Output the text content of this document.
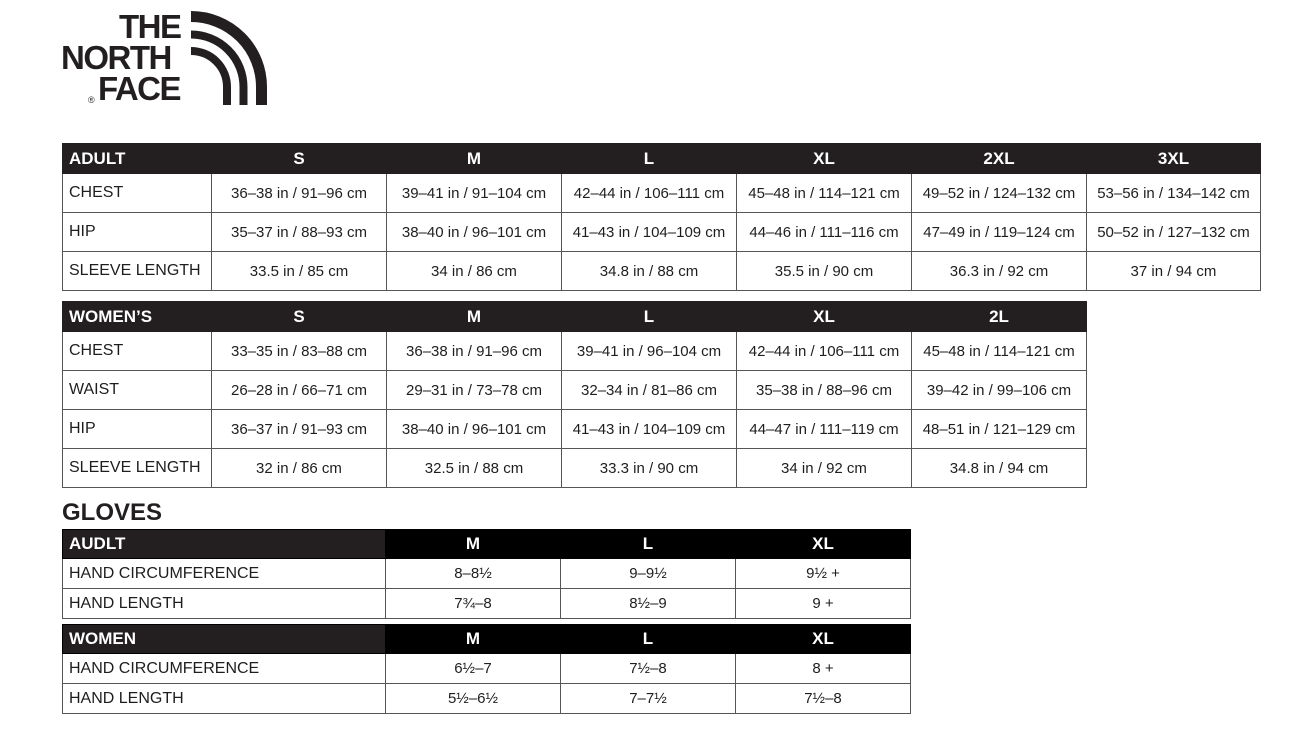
THE
NORTH
FACE
®
ADULT	S	M	L	XL	2XL	3XL
CHEST	36–38 in / 91–96 cm	39–41 in / 91–104 cm	42–44 in / 106–111 cm	45–48 in / 114–121 cm	49–52 in / 124–132 cm	53–56 in / 134–142 cm
HIP	35–37 in / 88–93 cm	38–40 in / 96–101 cm	41–43 in / 104–109 cm	44–46 in / 111–116 cm	47–49 in / 119–124 cm	50–52 in / 127–132 cm
SLEEVE LENGTH	33.5 in / 85 cm	34 in / 86 cm	34.8 in / 88 cm	35.5 in / 90 cm	36.3 in / 92 cm	37 in / 94 cm
WOMEN’S	S	M	L	XL	2L
CHEST	33–35 in / 83–88 cm	36–38 in / 91–96 cm	39–41 in / 96–104 cm	42–44 in / 106–111 cm	45–48 in / 114–121 cm
WAIST	26–28 in / 66–71 cm	29–31 in / 73–78 cm	32–34 in / 81–86 cm	35–38 in / 88–96 cm	39–42 in / 99–106 cm
HIP	36–37 in / 91–93 cm	38–40 in / 96–101 cm	41–43 in / 104–109 cm	44–47 in / 111–119 cm	48–51 in / 121–129 cm
SLEEVE LENGTH	32 in / 86 cm	32.5 in / 88 cm	33.3 in / 90 cm	34 in / 92 cm	34.8 in / 94 cm
GLOVES
AUDLT	M	L	XL
HAND CIRCUMFERENCE	8–8½	9–9½	9½ +
HAND LENGTH	7¾–8	8½–9	9 +
WOMEN	M	L	XL
HAND CIRCUMFERENCE	6½–7	7½–8	8 +
HAND LENGTH	5½–6½	7–7½	7½–8
